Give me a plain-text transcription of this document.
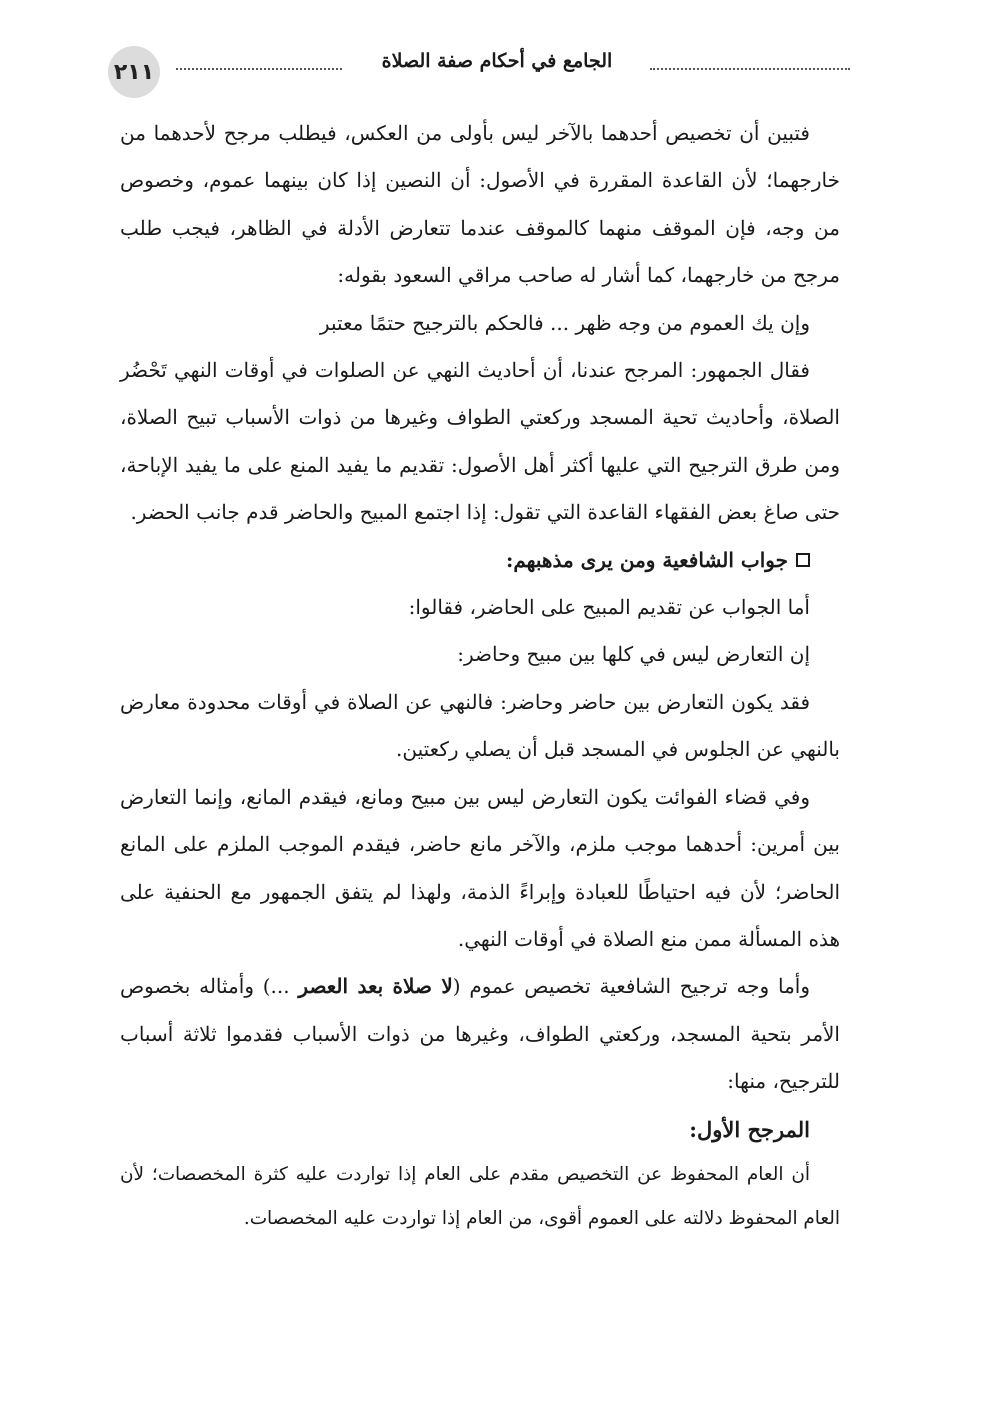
٢١١	الجامع في أحكام صفة الصلاة

فتبين أن تخصيص أحدهما بالآخر ليس بأولى من العكس، فيطلب مرجح لأحدهما من خارجهما؛ لأن القاعدة المقررة في الأصول: أن النصين إذا كان بينهما عموم، وخصوص من وجه، فإن الموقف منهما كالموقف عندما تتعارض الأدلة في الظاهر، فيجب طلب مرجح من خارجهما، كما أشار له صاحب مراقي السعود بقوله:

وإن يك العموم من وجه ظهر ... فالحكم بالترجيح حتمًا معتبر

فقال الجمهور: المرجح عندنا، أن أحاديث النهي عن الصلوات في أوقات النهي تَحْضُر الصلاة، وأحاديث تحية المسجد وركعتي الطواف وغيرها من ذوات الأسباب تبيح الصلاة، ومن طرق الترجيح التي عليها أكثر أهل الأصول: تقديم ما يفيد المنع على ما يفيد الإباحة، حتى صاغ بعض الفقهاء القاعدة التي تقول: إذا اجتمع المبيح والحاضر قدم جانب الحضر.

جواب الشافعية ومن يرى مذهبهم:

أما الجواب عن تقديم المبيح على الحاضر، فقالوا:

إن التعارض ليس في كلها بين مبيح وحاضر:

فقد يكون التعارض بين حاضر وحاضر: فالنهي عن الصلاة في أوقات محدودة معارض بالنهي عن الجلوس في المسجد قبل أن يصلي ركعتين.

وفي قضاء الفوائت يكون التعارض ليس بين مبيح ومانع، فيقدم المانع، وإنما التعارض بين أمرين: أحدهما موجب ملزم، والآخر مانع حاضر، فيقدم الموجب الملزم على المانع الحاضر؛ لأن فيه احتياطًا للعبادة وإبراءً الذمة، ولهذا لم يتفق الجمهور مع الحنفية على هذه المسألة ممن منع الصلاة في أوقات النهي.

وأما وجه ترجيح الشافعية تخصيص عموم (لا صلاة بعد العصر ...) وأمثاله بخصوص الأمر بتحية المسجد، وركعتي الطواف، وغيرها من ذوات الأسباب فقدموا ثلاثة أسباب للترجيح، منها:

المرجح الأول:

أن العام المحفوظ عن التخصيص مقدم على العام إذا تواردت عليه كثرة المخصصات؛ لأن العام المحفوظ دلالته على العموم أقوى، من العام إذا تواردت عليه المخصصات.
